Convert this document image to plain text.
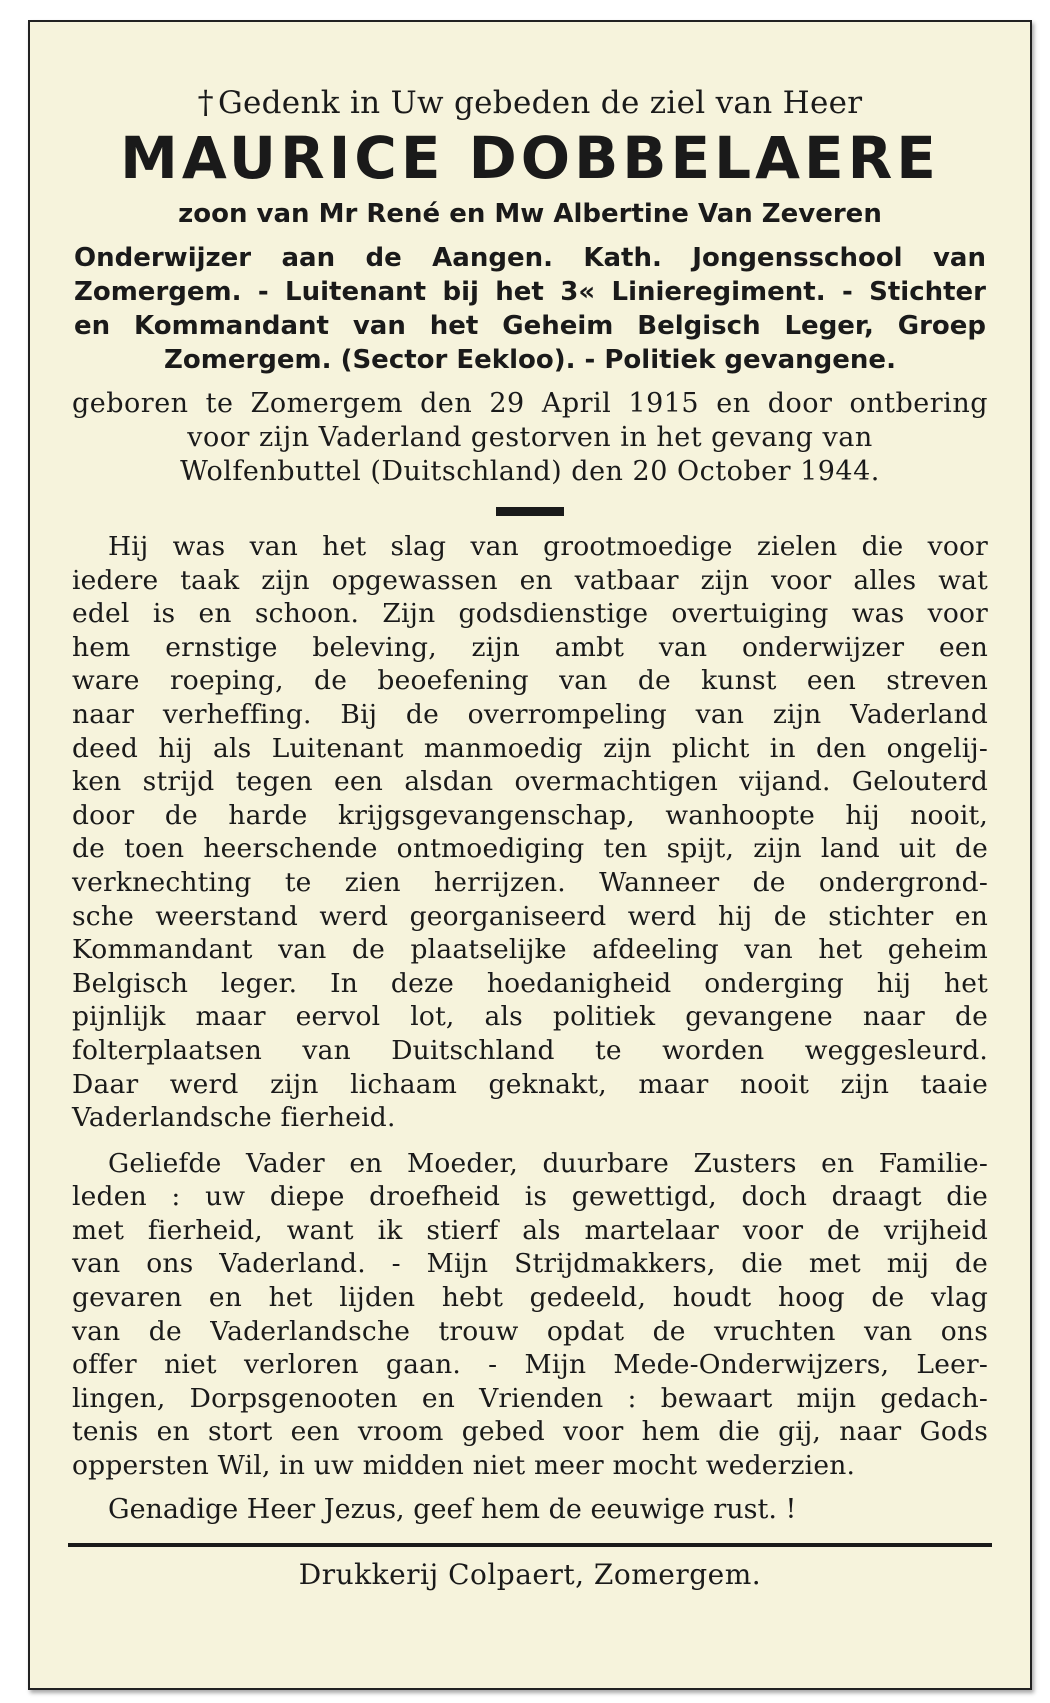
† Gedenk in Uw gebeden de ziel van Heer
MAURICE DOBBELAERE
zoon van Mr René en Mw Albertine Van Zeveren
Onderwijzer aan de Aangen. Kath. Jongensschool van
Zomergem. - Luitenant bij het 3« Linieregiment. - Stichter
en Kommandant van het Geheim Belgisch Leger, Groep
Zomergem. (Sector Eekloo). - Politiek gevangene.
geboren te Zomergem den 29 April 1915 en door ontbering
voor zijn Vaderland gestorven in het gevang van
Wolfenbuttel (Duitschland) den 20 October 1944.
Hij was van het slag van grootmoedige zielen die voor
iedere taak zijn opgewassen en vatbaar zijn voor alles wat
edel is en schoon. Zijn godsdienstige overtuiging was voor
hem ernstige beleving, zijn ambt van onderwijzer een
ware roeping, de beoefening van de kunst een streven
naar verheffing. Bij de overrompeling van zijn Vaderland
deed hij als Luitenant manmoedig zijn plicht in den ongelij-
ken strijd tegen een alsdan overmachtigen vijand. Gelouterd
door de harde krijgsgevangenschap, wanhoopte hij nooit,
de toen heerschende ontmoediging ten spijt, zijn land uit de
verknechting te zien herrijzen. Wanneer de ondergrond-
sche weerstand werd georganiseerd werd hij de stichter en
Kommandant van de plaatselijke afdeeling van het geheim
Belgisch leger. In deze hoedanigheid onderging hij het
pijnlijk maar eervol lot, als politiek gevangene naar de
folterplaatsen van Duitschland te worden weggesleurd.
Daar werd zijn lichaam geknakt, maar nooit zijn taaie
Vaderlandsche fierheid.
Geliefde Vader en Moeder, duurbare Zusters en Familie-
leden : uw diepe droefheid is gewettigd, doch draagt die
met fierheid, want ik stierf als martelaar voor de vrijheid
van ons Vaderland. - Mijn Strijdmakkers, die met mij de
gevaren en het lijden hebt gedeeld, houdt hoog de vlag
van de Vaderlandsche trouw opdat de vruchten van ons
offer niet verloren gaan. - Mijn Mede-Onderwijzers, Leer-
lingen, Dorpsgenooten en Vrienden : bewaart mijn gedach-
tenis en stort een vroom gebed voor hem die gij, naar Gods
oppersten Wil, in uw midden niet meer mocht wederzien.
Genadige Heer Jezus, geef hem de eeuwige rust. !
Drukkerij Colpaert, Zomergem.
